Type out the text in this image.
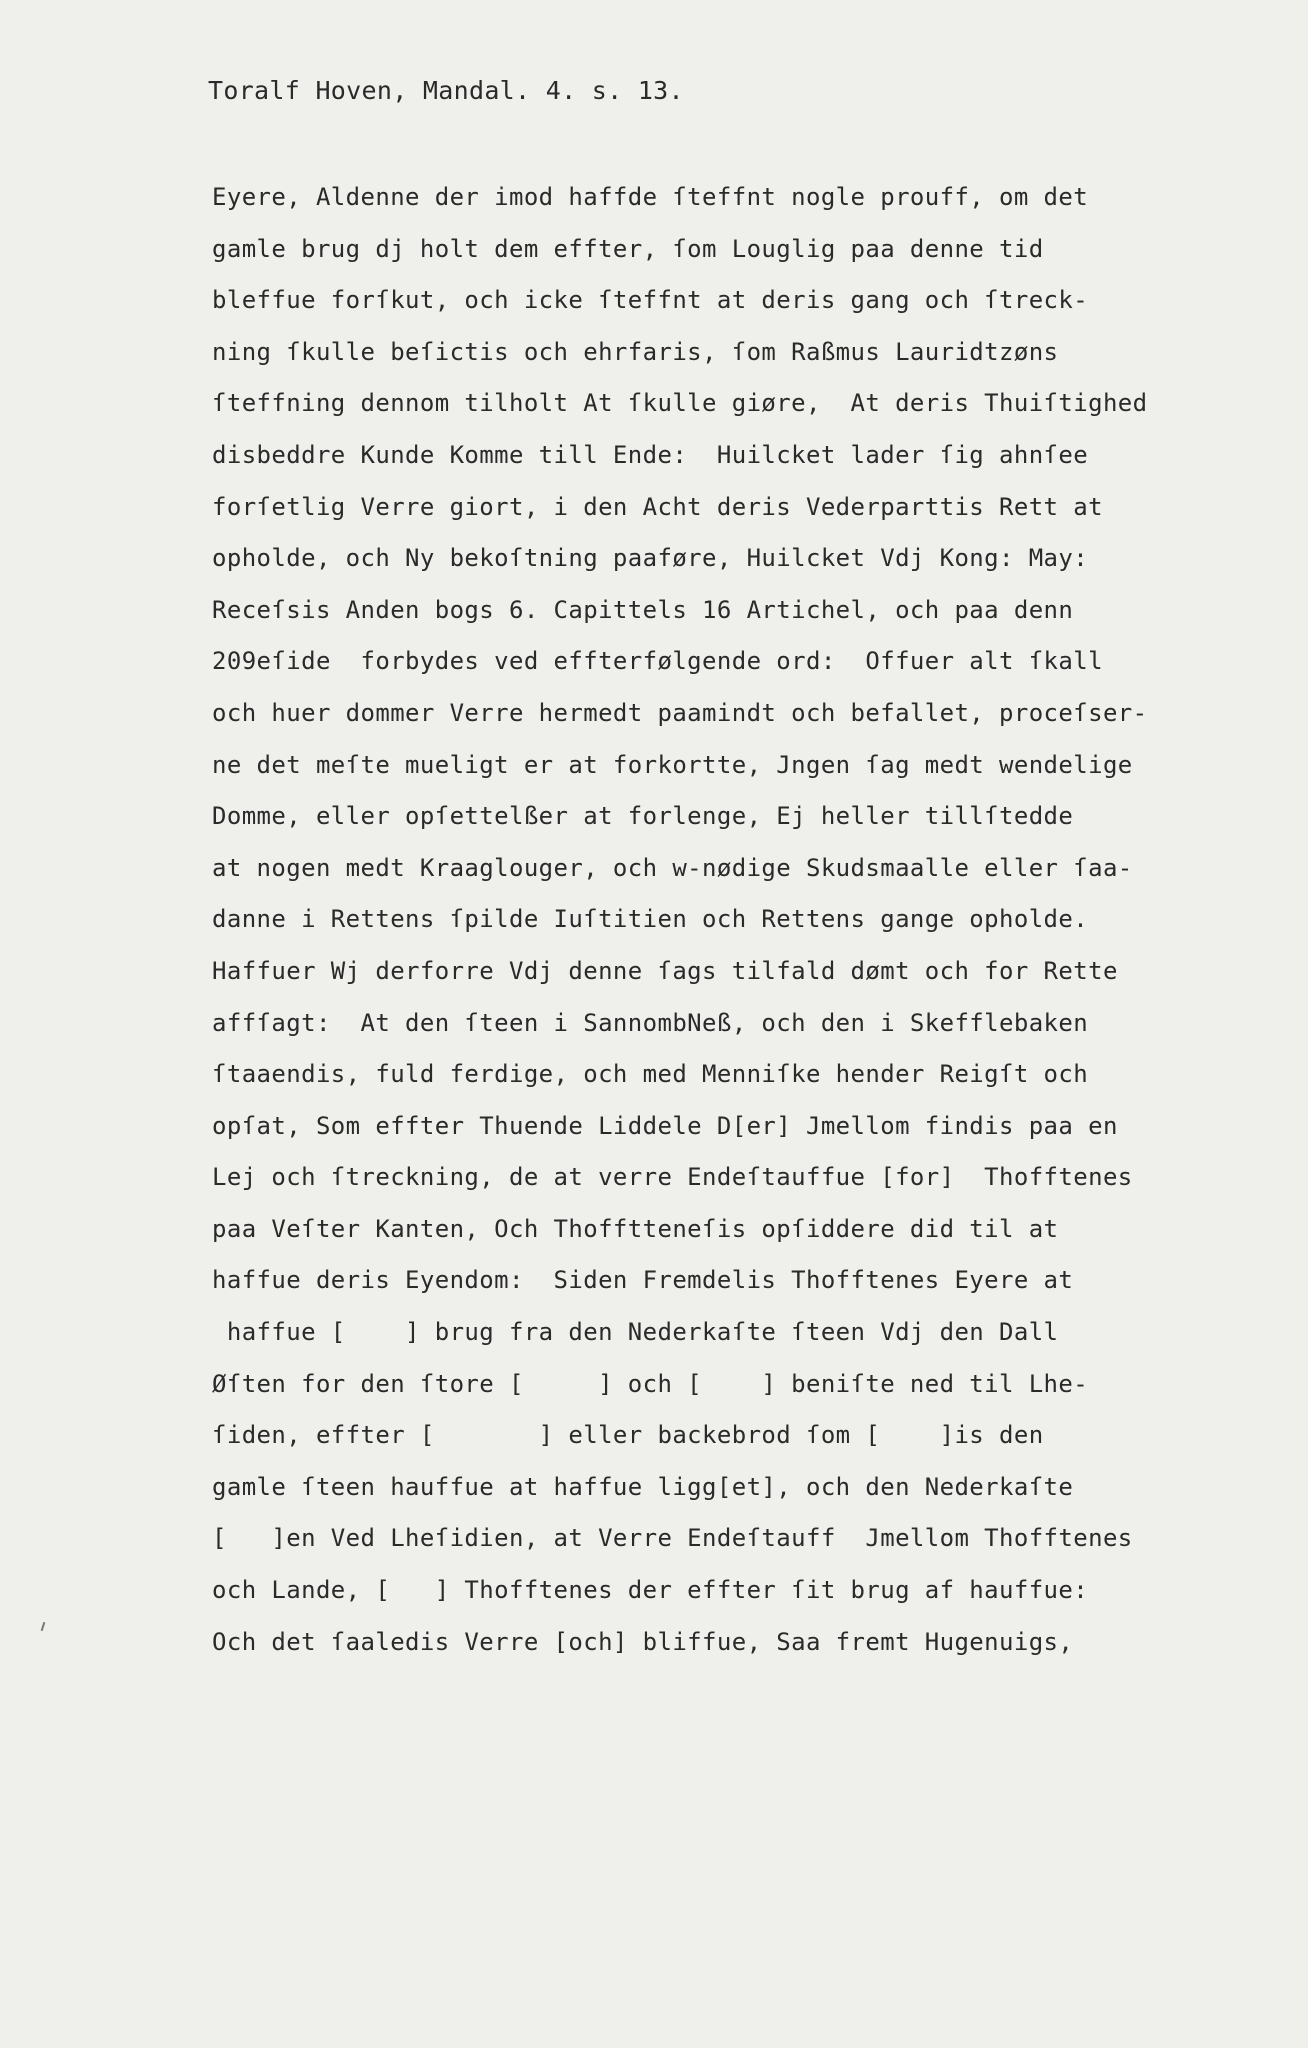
Toralf Hoven, Mandal. 4. s. 13.
Eyere, Aldenne der imod haffde ſteffnt nogle prouff, om det
gamle brug dj holt dem effter, ſom Louglig paa denne tid
bleffue forſkut, och icke ſteffnt at deris gang och ſtreck-
ning ſkulle beſictis och ehrfaris, ſom Raßmus Lauridtzøns
ſteffning dennom tilholt At ſkulle giøre,  At deris Thuiſtighed
disbeddre Kunde Komme till Ende:  Huilcket lader ſig ahnſee
forſetlig Verre giort, i den Acht deris Vederparttis Rett at
opholde, och Ny bekoſtning paaføre, Huilcket Vdj Kong: May:
Receſsis Anden bogs 6. Capittels 16 Artichel, och paa denn
209eſide  forbydes ved effterfølgende ord:  Offuer alt ſkall
och huer dommer Verre hermedt paamindt och befallet, proceſser-
ne det meſte mueligt er at forkortte, Jngen ſag medt wendelige
Domme, eller opſettelßer at forlenge, Ej heller tillſtedde
at nogen medt Kraaglouger, och w-nødige Skudsmaalle eller ſaa-
danne i Rettens ſpilde Iuſtitien och Rettens gange opholde.
Haffuer Wj derforre Vdj denne ſags tilfald dømt och for Rette
affſagt:  At den ſteen i SannombNeß, och den i Skefflebaken
ſtaaendis, fuld ferdige, och med Menniſke hender Reigſt och
opſat, Som effter Thuende Liddele D[er] Jmellom findis paa en
Lej och ſtreckning, de at verre Endeſtauffue [for]  Thofftenes
paa Veſter Kanten, Och Thofftteneſis opſiddere did til at
haffue deris Eyendom:  Siden Fremdelis Thofftenes Eyere at
haffue [    ] brug fra den Nederkaſte ſteen Vdj den Dall
Øſten for den ſtore [     ] och [    ] beniſte ned til Lhe-
ſiden, effter [       ] eller backebrod ſom [    ]is den
gamle ſteen hauffue at haffue ligg[et], och den Nederkaſte
[   ]en Ved Lheſidien, at Verre Endeſtauff  Jmellom Thofftenes
och Lande, [   ] Thofftenes der effter ſit brug af hauffue:
Och det ſaaledis Verre [och] bliffue, Saa fremt Hugenuigs,
